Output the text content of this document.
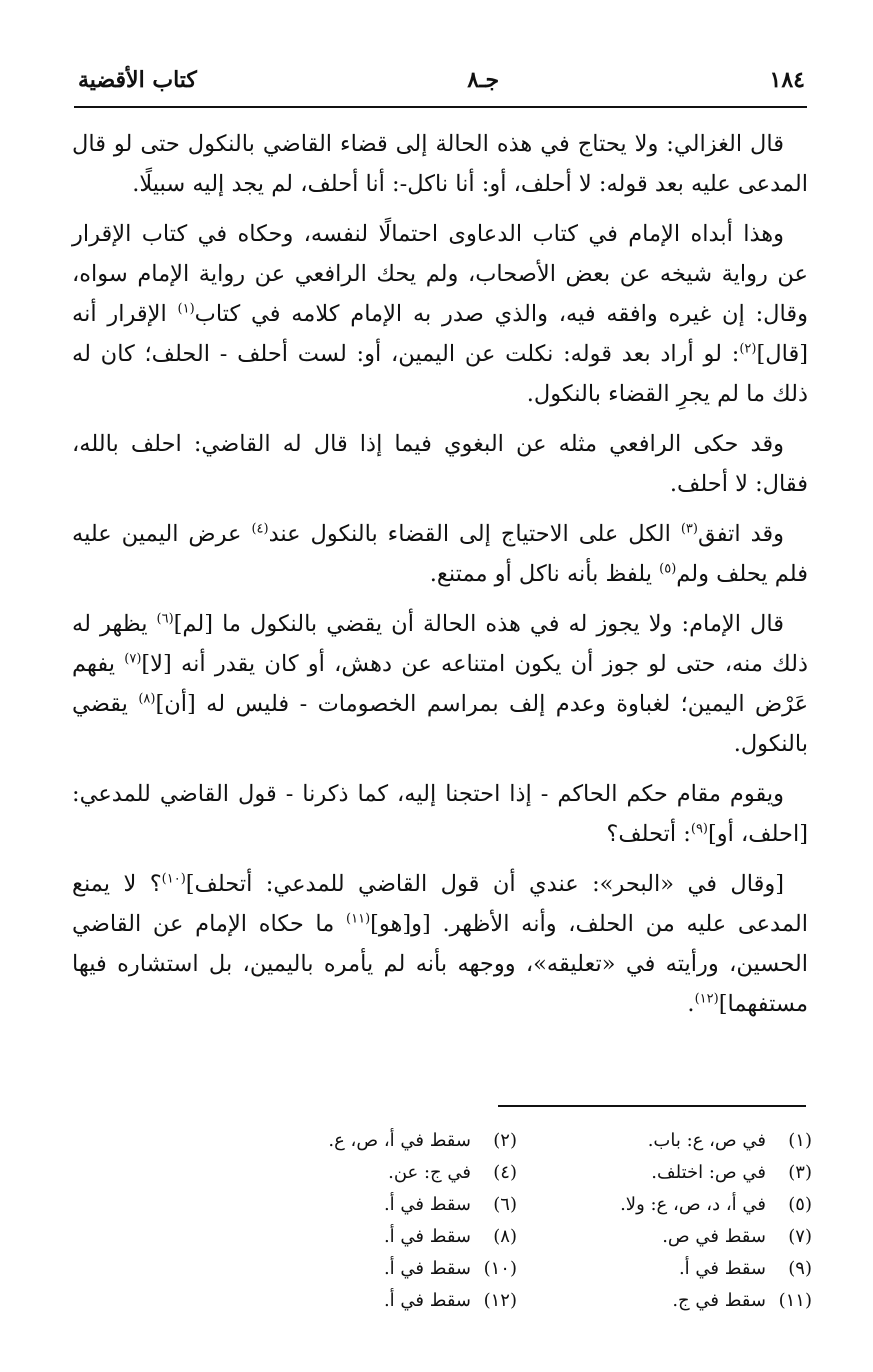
١٨٤
جـ٨
كتاب الأقضية

قال الغزالي: ولا يحتاج في هذه الحالة إلى قضاء القاضي بالنكول حتى لو قال المدعى عليه بعد قوله: لا أحلف، أو: أنا ناكل-: أنا أحلف، لم يجد إليه سبيلًا.

وهذا أبداه الإمام في كتاب الدعاوى احتمالًا لنفسه، وحكاه في كتاب الإقرار عن رواية شيخه عن بعض الأصحاب، ولم يحك الرافعي عن رواية الإمام سواه، وقال: إن غيره وافقه فيه، والذي صدر به الإمام كلامه في كتاب$^{(١)}$ الإقرار أنه [قال]$^{(٢)}$: لو أراد بعد قوله: نكلت عن اليمين، أو: لست أحلف - الحلف؛ كان له ذلك ما لم يجرِ القضاء بالنكول.

وقد حكى الرافعي مثله عن البغوي فيما إذا قال له القاضي: احلف بالله، فقال: لا أحلف.

وقد اتفق$^{(٣)}$ الكل على الاحتياج إلى القضاء بالنكول عند$^{(٤)}$ عرض اليمين عليه فلم يحلف ولم$^{(٥)}$ يلفظ بأنه ناكل أو ممتنع.

قال الإمام: ولا يجوز له في هذه الحالة أن يقضي بالنكول ما [لم]$^{(٦)}$ يظهر له ذلك منه، حتى لو جوز أن يكون امتناعه عن دهش، أو كان يقدر أنه [لا]$^{(٧)}$ يفهم عَرْض اليمين؛ لغباوة وعدم إلف بمراسم الخصومات - فليس له [أن]$^{(٨)}$ يقضي بالنكول.

ويقوم مقام حكم الحاكم - إذا احتجنا إليه، كما ذكرنا - قول القاضي للمدعي: [احلف، أو]$^{(٩)}$: أتحلف؟

[وقال في «البحر»: عندي أن قول القاضي للمدعي: أتحلف]$^{(١٠)}$؟ لا يمنع المدعى عليه من الحلف، وأنه الأظهر. [و[هو]$^{(١١)}$ ما حكاه الإمام عن القاضي الحسين، ورأيته في «تعليقه»، ووجهه بأنه لم يأمره باليمين، بل استشاره فيها مستفهما]$^{(١٢)}$.

(١)
في ص، ع: باب.
(٢)
سقط في أ، ص، ع.
(٣)
في ص: اختلف.
(٤)
في ج: عن.
(٥)
في أ، د، ص، ع: ولا.
(٦)
سقط في أ.
(٧)
سقط في ص.
(٨)
سقط في أ.
(٩)
سقط في أ.
(١٠)
سقط في أ.
(١١)
سقط في ج.
(١٢)
سقط في أ.
